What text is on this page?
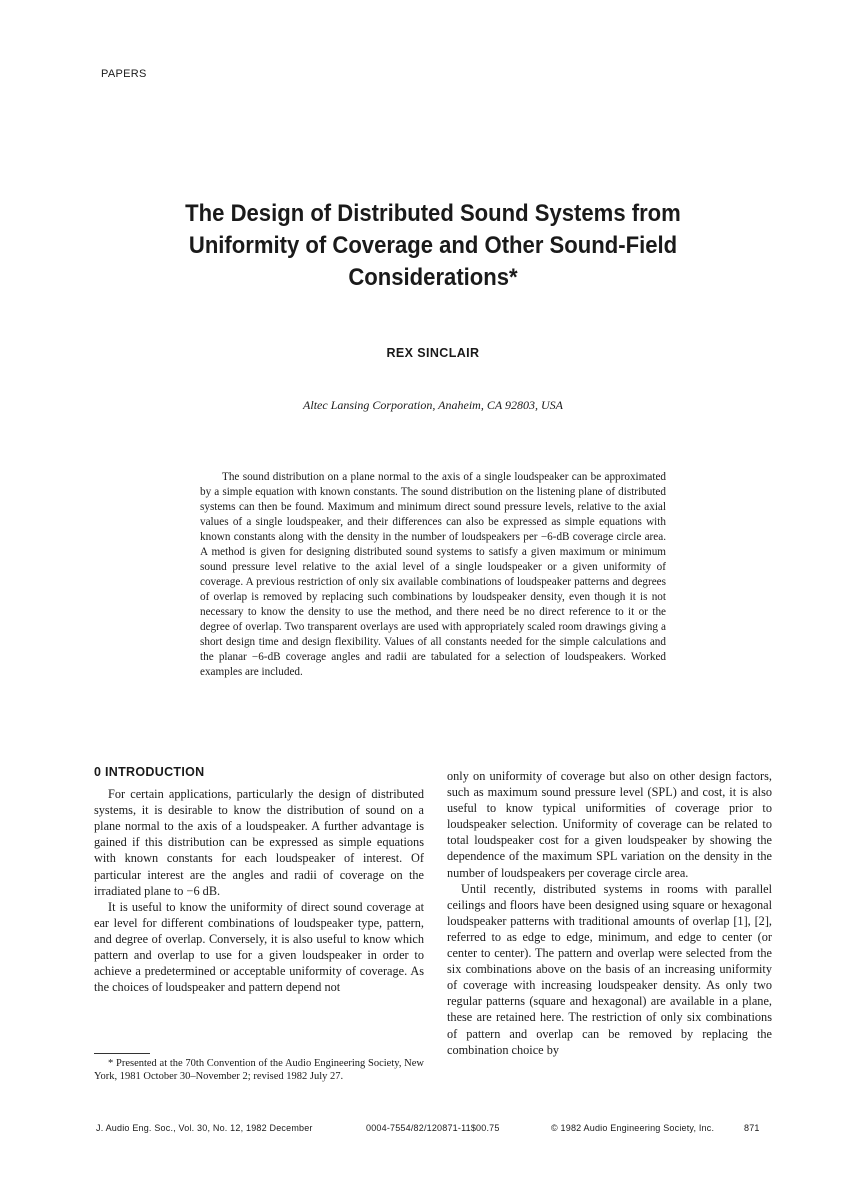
PAPERS
The Design of Distributed Sound Systems from Uniformity of Coverage and Other Sound-Field Considerations*
REX SINCLAIR
Altec Lansing Corporation, Anaheim, CA 92803, USA

The sound distribution on a plane normal to the axis of a single loudspeaker can be approximated by a simple equation with known constants. The sound distribution on the listening plane of distributed systems can then be found. Maximum and minimum direct sound pressure levels, relative to the axial values of a single loudspeaker, and their differences can also be expressed as simple equations with known constants along with the density in the number of loudspeakers per −6-dB coverage circle area. A method is given for designing distributed sound systems to satisfy a given maximum or minimum sound pressure level relative to the axial level of a single loudspeaker or a given uniformity of coverage. A previous restriction of only six available combinations of loudspeaker patterns and degrees of overlap is removed by replacing such combinations by loudspeaker density, even though it is not necessary to know the density to use the method, and there need be no direct reference to it or the degree of overlap. Two transparent overlays are used with appropriately scaled room drawings giving a short design time and design flexibility. Values of all constants needed for the simple calculations and the planar −6-dB coverage angles and radii are tabulated for a selection of loudspeakers. Worked examples are included.

0 INTRODUCTION

For certain applications, particularly the design of distributed systems, it is desirable to know the distribution of sound on a plane normal to the axis of a loudspeaker. A further advantage is gained if this distribution can be expressed as simple equations with known constants for each loudspeaker of interest. Of particular interest are the angles and radii of coverage on the irradiated plane to −6 dB.

It is useful to know the uniformity of direct sound coverage at ear level for different combinations of loudspeaker type, pattern, and degree of overlap. Conversely, it is also useful to know which pattern and overlap to use for a given loudspeaker in order to achieve a predetermined or acceptable uniformity of coverage. As the choices of loudspeaker and pattern depend not

only on uniformity of coverage but also on other design factors, such as maximum sound pressure level (SPL) and cost, it is also useful to know typical uniformities of coverage prior to loudspeaker selection. Uniformity of coverage can be related to total loudspeaker cost for a given loudspeaker by showing the dependence of the maximum SPL variation on the density in the number of loudspeakers per coverage circle area.

Until recently, distributed systems in rooms with parallel ceilings and floors have been designed using square or hexagonal loudspeaker patterns with traditional amounts of overlap [1], [2], referred to as edge to edge, minimum, and edge to center (or center to center). The pattern and overlap were selected from the six combinations above on the basis of an increasing uniformity of coverage with increasing loudspeaker density. As only two regular patterns (square and hexagonal) are available in a plane, these are retained here. The restriction of only six combinations of pattern and overlap can be removed by replacing the combination choice by

* Presented at the 70th Convention of the Audio Engineering Society, New York, 1981 October 30–November 2; revised 1982 July 27.

J. Audio Eng. Soc., Vol. 30, No. 12, 1982 December	0004-7554/82/120871-11$00.75	© 1982 Audio Engineering Society, Inc.	871
